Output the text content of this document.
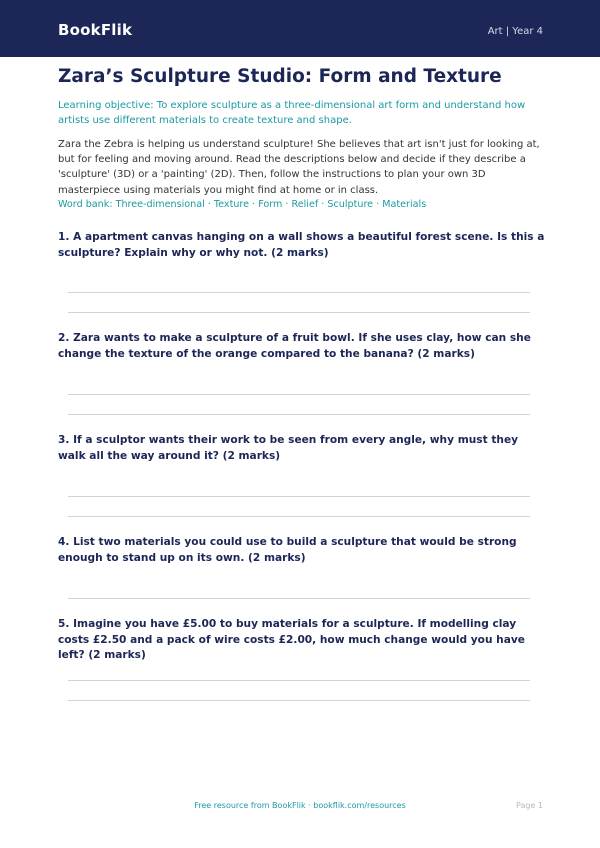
BookFlik	Art | Year 4
Zara’s Sculpture Studio: Form and Texture
Learning objective: To explore sculpture as a three-dimensional art form and understand how artists use different materials to create texture and shape.
Zara the Zebra is helping us understand sculpture! She believes that art isn't just for looking at, but for feeling and moving around. Read the descriptions below and decide if they describe a 'sculpture' (3D) or a 'painting' (2D). Then, follow the instructions to plan your own 3D masterpiece using materials you might find at home or in class.
Word bank: Three-dimensional · Texture · Form · Relief · Sculpture · Materials
1. A apartment canvas hanging on a wall shows a beautiful forest scene. Is this a sculpture? Explain why or why not. (2 marks)
2. Zara wants to make a sculpture of a fruit bowl. If she uses clay, how can she change the texture of the orange compared to the banana? (2 marks)
3. If a sculptor wants their work to be seen from every angle, why must they walk all the way around it? (2 marks)
4. List two materials you could use to build a sculpture that would be strong enough to stand up on its own. (2 marks)
5. Imagine you have £5.00 to buy materials for a sculpture. If modelling clay costs £2.50 and a pack of wire costs £2.00, how much change would you have left? (2 marks)
Free resource from BookFlik · bookflik.com/resources	Page 1
